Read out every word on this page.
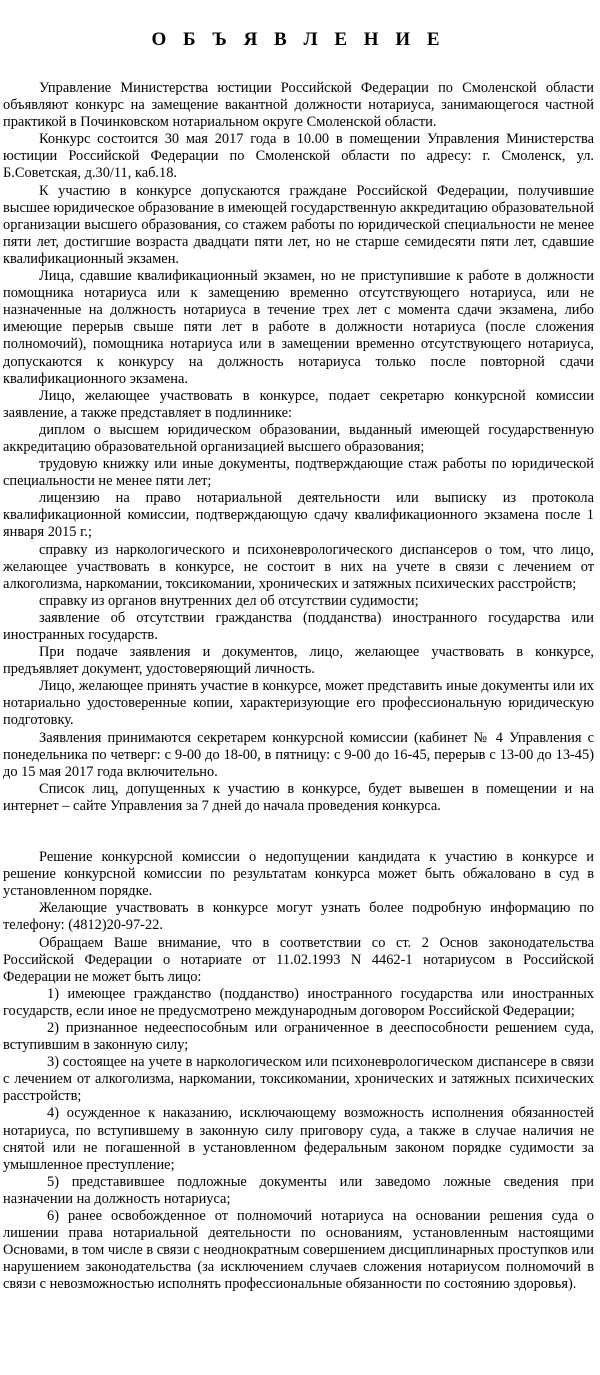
О Б Ъ Я В Л Е Н И Е

Управление Министерства юстиции Российской Федерации по Смоленской области объявляют конкурс на замещение вакантной должности нотариуса, занимающегося частной практикой в Починковском нотариальном округе Смоленской области.

Конкурс состоится 30 мая 2017 года в 10.00 в помещении Управления Министерства юстиции Российской Федерации по Смоленской области по адресу: г. Смоленск, ул. Б.Советская, д.30/11, каб.18.

К участию в конкурсе допускаются граждане Российской Федерации, получившие высшее юридическое образование в имеющей государственную аккредитацию образовательной организации высшего образования, со стажем работы по юридической специальности не менее пяти лет, достигшие возраста двадцати пяти лет, но не старше семидесяти пяти лет, сдавшие квалификационный экзамен.

Лица, сдавшие квалификационный экзамен, но не приступившие к работе в должности помощника нотариуса или к замещению временно отсутствующего нотариуса, или не назначенные на должность нотариуса в течение трех лет с момента сдачи экзамена, либо имеющие перерыв свыше пяти лет в работе в должности нотариуса (после сложения полномочий), помощника нотариуса или в замещении временно отсутствующего нотариуса, допускаются к конкурсу на должность нотариуса только после повторной сдачи квалификационного экзамена.

Лицо, желающее участвовать в конкурсе, подает секретарю конкурсной комиссии заявление, а также представляет в подлиннике:

диплом о высшем юридическом образовании, выданный имеющей государственную аккредитацию образовательной организацией высшего образования;

трудовую книжку или иные документы, подтверждающие стаж работы по юридической специальности не менее пяти лет;

лицензию на право нотариальной деятельности или выписку из протокола квалификационной комиссии, подтверждающую сдачу квалификационного экзамена после 1 января 2015 г.;

справку из наркологического и психоневрологического диспансеров о том, что лицо, желающее участвовать в конкурсе, не состоит в них на учете в связи с лечением от алкоголизма, наркомании, токсикомании, хронических и затяжных психических расстройств;

справку из органов внутренних дел об отсутствии судимости;

заявление об отсутствии гражданства (подданства) иностранного государства или иностранных государств.

При подаче заявления и документов, лицо, желающее участвовать в конкурсе, предъявляет документ, удостоверяющий личность.

Лицо, желающее принять участие в конкурсе, может представить иные документы или их нотариально удостоверенные копии, характеризующие его профессиональную юридическую подготовку.

Заявления принимаются секретарем конкурсной комиссии (кабинет № 4 Управления с понедельника по четверг: с 9-00 до 18-00, в пятницу: с 9-00 до 16-45, перерыв с 13-00 до 13-45) до 15 мая 2017 года включительно.

Список лиц, допущенных к участию в конкурсе, будет вывешен в помещении и на интернет – сайте Управления за 7 дней до начала проведения конкурса.

Решение конкурсной комиссии о недопущении кандидата к участию в конкурсе и решение конкурсной комиссии по результатам конкурса может быть обжаловано в суд в установленном порядке.

Желающие участвовать в конкурсе могут узнать более подробную информацию по телефону: (4812)20-97-22.

Обращаем Ваше внимание, что в соответствии со ст. 2 Основ законодательства Российской Федерации о нотариате от 11.02.1993 N 4462-1 нотариусом в Российской Федерации не может быть лицо:

1) имеющее гражданство (подданство) иностранного государства или иностранных государств, если иное не предусмотрено международным договором Российской Федерации;

2) признанное недееспособным или ограниченное в дееспособности решением суда, вступившим в законную силу;

3) состоящее на учете в наркологическом или психоневрологическом диспансере в связи с лечением от алкоголизма, наркомании, токсикомании, хронических и затяжных психических расстройств;

4) осужденное к наказанию, исключающему возможность исполнения обязанностей нотариуса, по вступившему в законную силу приговору суда, а также в случае наличия не снятой или не погашенной в установленном федеральным законом порядке судимости за умышленное преступление;

5) представившее подложные документы или заведомо ложные сведения при назначении на должность нотариуса;

6) ранее освобожденное от полномочий нотариуса на основании решения суда о лишении права нотариальной деятельности по основаниям, установленным настоящими Основами, в том числе в связи с неоднократным совершением дисциплинарных проступков или нарушением законодательства (за исключением случаев сложения нотариусом полномочий в связи с невозможностью исполнять профессиональные обязанности по состоянию здоровья).
